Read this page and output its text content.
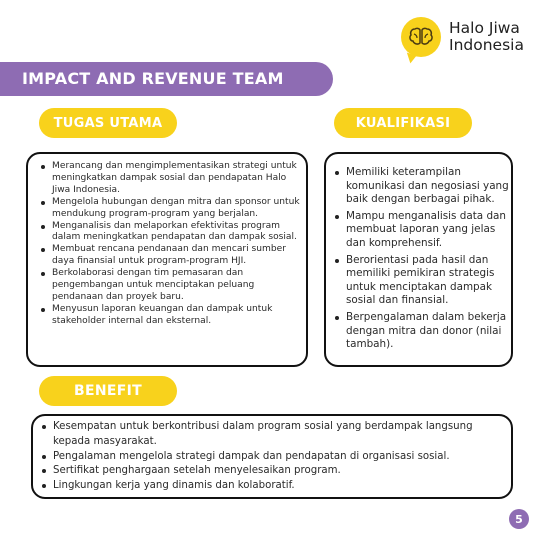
Halo Jiwa
Indonesia
IMPACT AND REVENUE TEAM
TUGAS UTAMA	KUALIFIKASI
Merancang dan mengimplementasikan strategi untuk meningkatkan dampak sosial dan pendapatan Halo Jiwa Indonesia.
Mengelola hubungan dengan mitra dan sponsor untuk mendukung program-program yang berjalan.
Menganalisis dan melaporkan efektivitas program dalam meningkatkan pendapatan dan dampak sosial.
Membuat rencana pendanaan dan mencari sumber daya finansial untuk program-program HJI.
Berkolaborasi dengan tim pemasaran dan pengembangan untuk menciptakan peluang pendanaan dan proyek baru.
Menyusun laporan keuangan dan dampak untuk stakeholder internal dan eksternal.
Memiliki keterampilan komunikasi dan negosiasi yang baik dengan berbagai pihak.
Mampu menganalisis data dan membuat laporan yang jelas dan komprehensif.
Berorientasi pada hasil dan memiliki pemikiran strategis untuk menciptakan dampak sosial dan finansial.
Berpengalaman dalam bekerja dengan mitra dan donor (nilai tambah).
BENEFIT
Kesempatan untuk berkontribusi dalam program sosial yang berdampak langsung kepada masyarakat.
Pengalaman mengelola strategi dampak dan pendapatan di organisasi sosial.
Sertifikat penghargaan setelah menyelesaikan program.
Lingkungan kerja yang dinamis dan kolaboratif.
5
